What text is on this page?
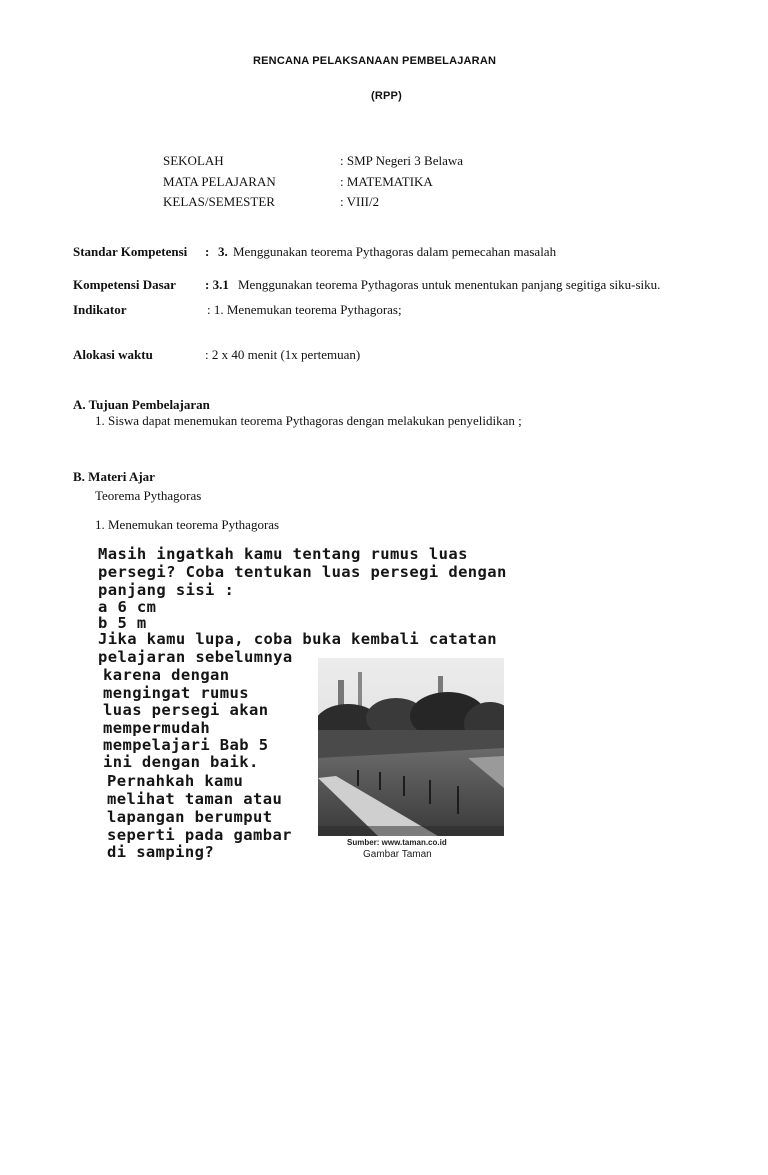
RENCANA PELAKSANAAN PEMBELAJARAN
(RPP)
SEKOLAH	: SMP Negeri 3 Belawa
MATA PELAJARAN	: MATEMATIKA
KELAS/SEMESTER	: VIII/2
Standar Kompetensi : 3. Menggunakan teorema Pythagoras dalam pemecahan masalah
Kompetensi Dasar : 3.1 Menggunakan teorema Pythagoras untuk menentukan panjang segitiga siku-siku.
Indikator	: 1. Menemukan teorema Pythagoras;
Alokasi waktu	: 2 x 40 menit (1x pertemuan)
A. Tujuan Pembelajaran
1. Siswa dapat menemukan teorema Pythagoras dengan melakukan penyelidikan ;
B. Materi Ajar
Teorema Pythagoras
1. Menemukan teorema Pythagoras
Masih ingatkah kamu tentang rumus luas
persegi? Coba tentukan luas persegi dengan
panjang sisi :
a 6 cm
b 5 m
Jika kamu lupa, coba buka kembali catatan
pelajaran sebelumnya
karena dengan
mengingat rumus
luas persegi akan
mempermudah
mempelajari Bab 5
ini dengan baik.
Pernahkah kamu
melihat taman atau
lapangan berumput
seperti pada gambar
di samping?
Sumber: www.taman.co.id
Gambar Taman
